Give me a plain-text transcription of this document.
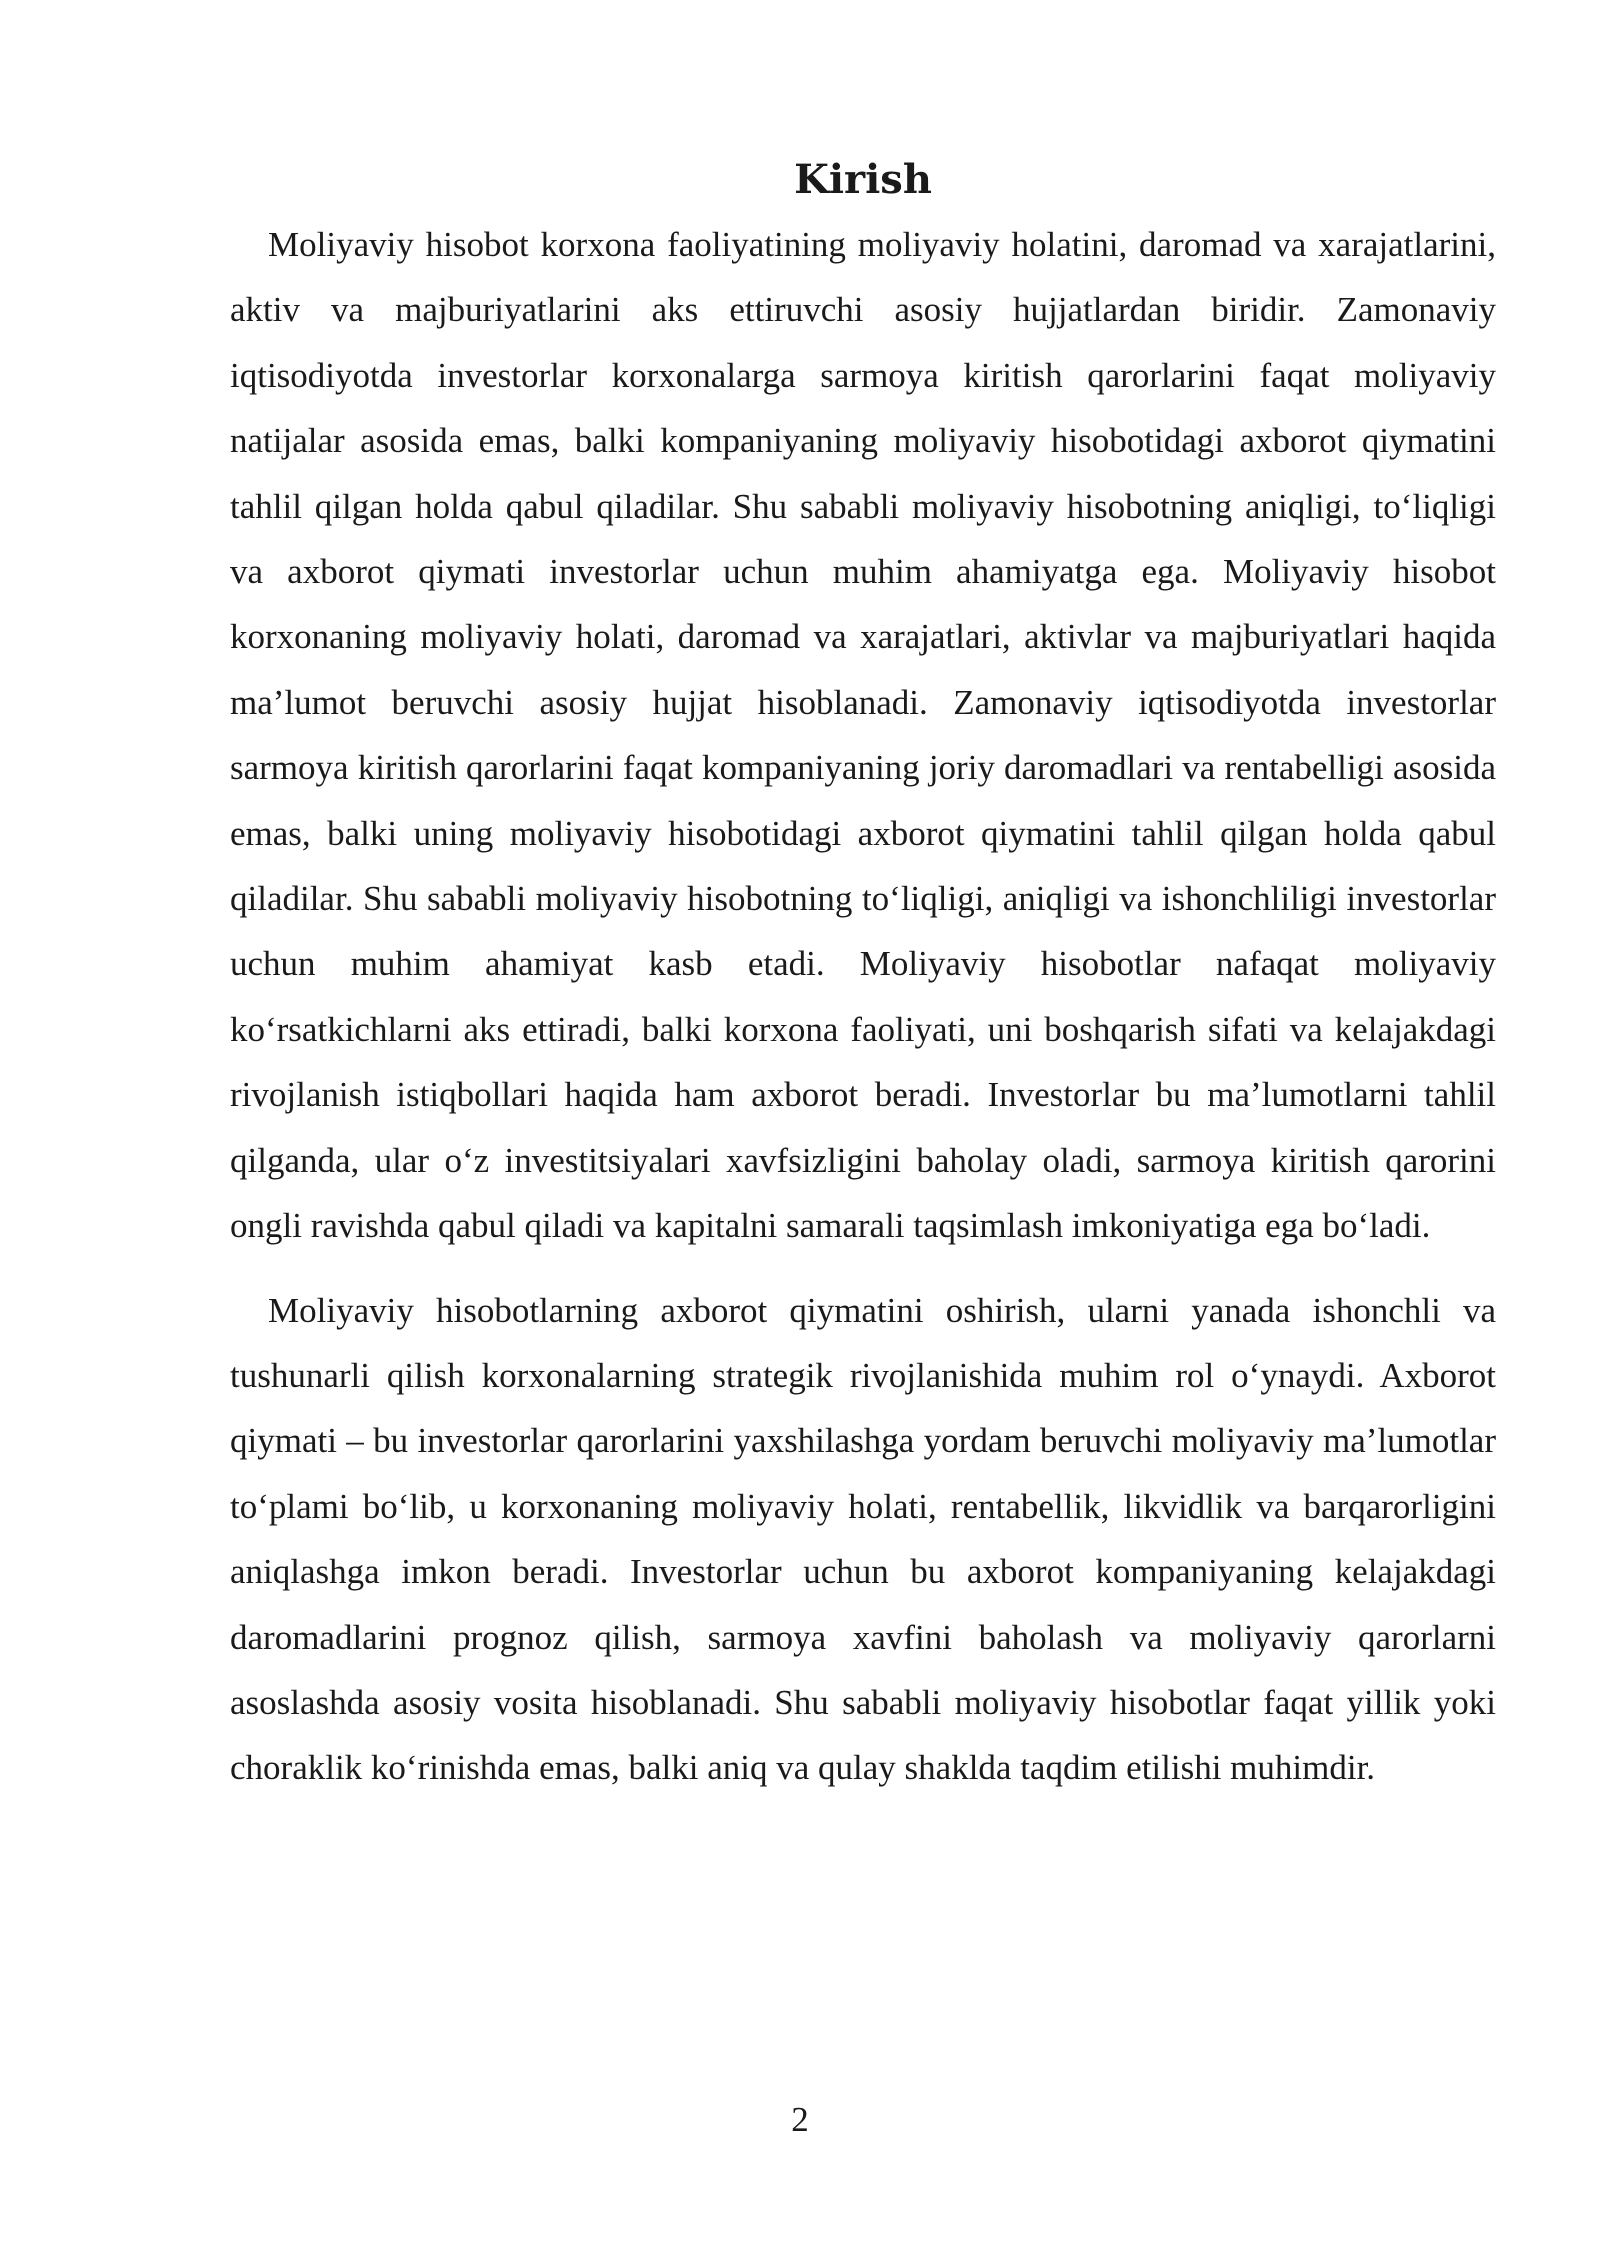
Kirish

Moliyaviy hisobot korxona faoliyatining moliyaviy holatini, daromad va xarajatlarini, aktiv va majburiyatlarini aks ettiruvchi asosiy hujjatlardan biridir. Zamonaviy iqtisodiyotda investorlar korxonalarga sarmoya kiritish qarorlarini faqat moliyaviy natijalar asosida emas, balki kompaniyaning moliyaviy hisobotidagi axborot qiymatini tahlil qilgan holda qabul qiladilar. Shu sababli moliyaviy hisobotning aniqligi, to‘liqligi va axborot qiymati investorlar uchun muhim ahamiyatga ega. Moliyaviy hisobot korxonaning moliyaviy holati, daromad va xarajatlari, aktivlar va majburiyatlari haqida ma’lumot beruvchi asosiy hujjat hisoblanadi. Zamonaviy iqtisodiyotda investorlar sarmoya kiritish qarorlarini faqat kompaniyaning joriy daromadlari va rentabelligi asosida emas, balki uning moliyaviy hisobotidagi axborot qiymatini tahlil qilgan holda qabul qiladilar. Shu sababli moliyaviy hisobotning to‘liqligi, aniqligi va ishonchliligi investorlar uchun muhim ahamiyat kasb etadi. Moliyaviy hisobotlar nafaqat moliyaviy ko‘rsatkichlarni aks ettiradi, balki korxona faoliyati, uni boshqarish sifati va kelajakdagi rivojlanish istiqbollari haqida ham axborot beradi. Investorlar bu ma’lumotlarni tahlil qilganda, ular o‘z investitsiyalari xavfsizligini baholay oladi, sarmoya kiritish qarorini ongli ravishda qabul qiladi va kapitalni samarali taqsimlash imkoniyatiga ega bo‘ladi.

Moliyaviy hisobotlarning axborot qiymatini oshirish, ularni yanada ishonchli va tushunarli qilish korxonalarning strategik rivojlanishida muhim rol o‘ynaydi. Axborot qiymati – bu investorlar qarorlarini yaxshilashga yordam beruvchi moliyaviy ma’lumotlar to‘plami bo‘lib, u korxonaning moliyaviy holati, rentabellik, likvidlik va barqarorligini aniqlashga imkon beradi. Investorlar uchun bu axborot kompaniyaning kelajakdagi daromadlarini prognoz qilish, sarmoya xavfini baholash va moliyaviy qarorlarni asoslashda asosiy vosita hisoblanadi. Shu sababli moliyaviy hisobotlar faqat yillik yoki choraklik ko‘rinishda emas, balki aniq va qulay shaklda taqdim etilishi muhimdir.

2
